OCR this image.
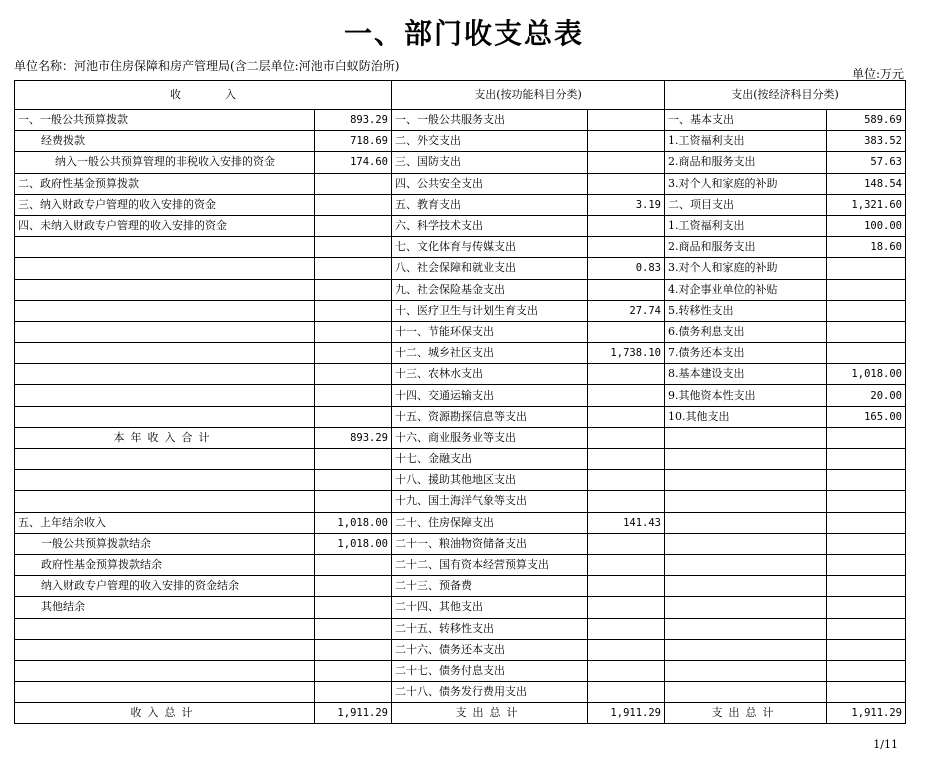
一、部门收支总表
单位名称：河池市住房保障和房产管理局(含二层单位:河池市白蚁防治所)
单位:万元
收　　　　入		支出(按功能科目分类)		支出(按经济科目分类)	
一、一般公共预算拨款	893.29	一、一般公共服务支出		一、基本支出	589.69
经费拨款	718.69	二、外交支出		1.工资福利支出	383.52
纳入一般公共预算管理的非税收入安排的资金	174.60	三、国防支出		2.商品和服务支出	57.63
二、政府性基金预算拨款		四、公共安全支出		3.对个人和家庭的补助	148.54
三、纳入财政专户管理的收入安排的资金		五、教育支出	3.19	二、项目支出	1,321.60
四、未纳入财政专户管理的收入安排的资金		六、科学技术支出		1.工资福利支出	100.00
		七、文化体育与传媒支出		2.商品和服务支出	18.60
		八、社会保障和就业支出	0.83	3.对个人和家庭的补助	
		九、社会保险基金支出		4.对企事业单位的补贴	
		十、医疗卫生与计划生育支出	27.74	5.转移性支出	
		十一、节能环保支出		6.债务利息支出	
		十二、城乡社区支出	1,738.10	7.债务还本支出	
		十三、农林水支出		8.基本建设支出	1,018.00
		十四、交通运输支出		9.其他资本性支出	20.00
		十五、资源勘探信息等支出		10.其他支出	165.00
本年收入合计	893.29	十六、商业服务业等支出			
		十七、金融支出			
		十八、援助其他地区支出			
		十九、国土海洋气象等支出			
五、上年结余收入	1,018.00	二十、住房保障支出	141.43		
一般公共预算拨款结余	1,018.00	二十一、粮油物资储备支出			
政府性基金预算拨款结余		二十二、国有资本经营预算支出			
纳入财政专户管理的收入安排的资金结余		二十三、预备费			
其他结余		二十四、其他支出			
		二十五、转移性支出			
		二十六、债务还本支出			
		二十七、债务付息支出			
		二十八、债务发行费用支出			
收入总计	1,911.29	支出总计	1,911.29	支出总计	1,911.29
1/11
